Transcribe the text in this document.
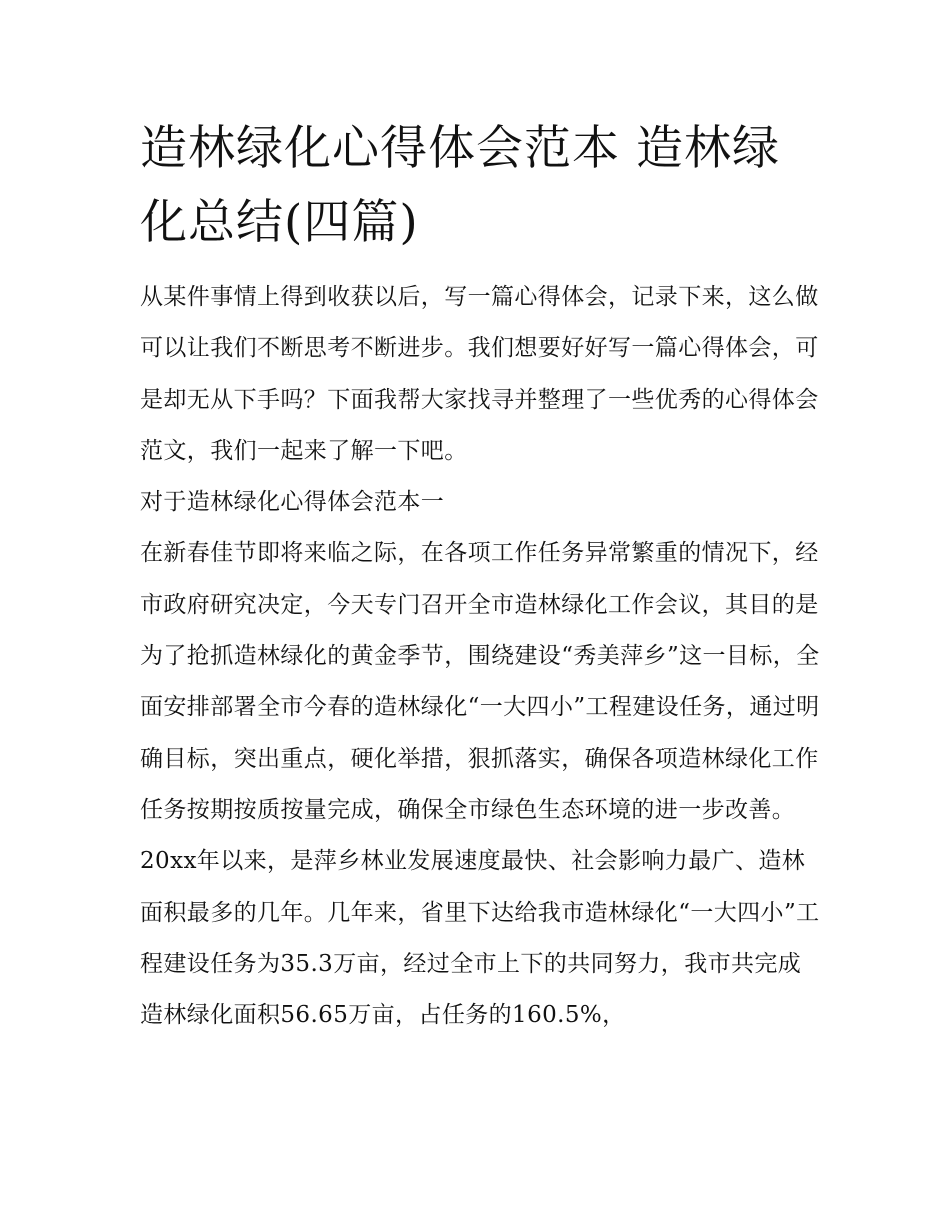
造林绿化心得体会范本 造林绿化总结(四篇)

从某件事情上得到收获以后，写一篇心得体会，记录下来，这么做可以让我们不断思考不断进步。我们想要好好写一篇心得体会，可是却无从下手吗？下面我帮大家找寻并整理了一些优秀的心得体会范文，我们一起来了解一下吧。

对于造林绿化心得体会范本一

在新春佳节即将来临之际，在各项工作任务异常繁重的情况下，经市政府研究决定，今天专门召开全市造林绿化工作会议，其目的是为了抢抓造林绿化的黄金季节，围绕建设“秀美萍乡”这一目标，全面安排部署全市今春的造林绿化“一大四小”工程建设任务，通过明确目标，突出重点，硬化举措，狠抓落实，确保各项造林绿化工作任务按期按质按量完成，确保全市绿色生态环境的进一步改善。

20xx年以来，是萍乡林业发展速度最快、社会影响力最广、造林面积最多的几年。几年来，省里下达给我市造林绿化“一大四小”工程建设任务为35.3万亩，经过全市上下的共同努力，我市共完成造林绿化面积56.65万亩，占任务的160.5%，
